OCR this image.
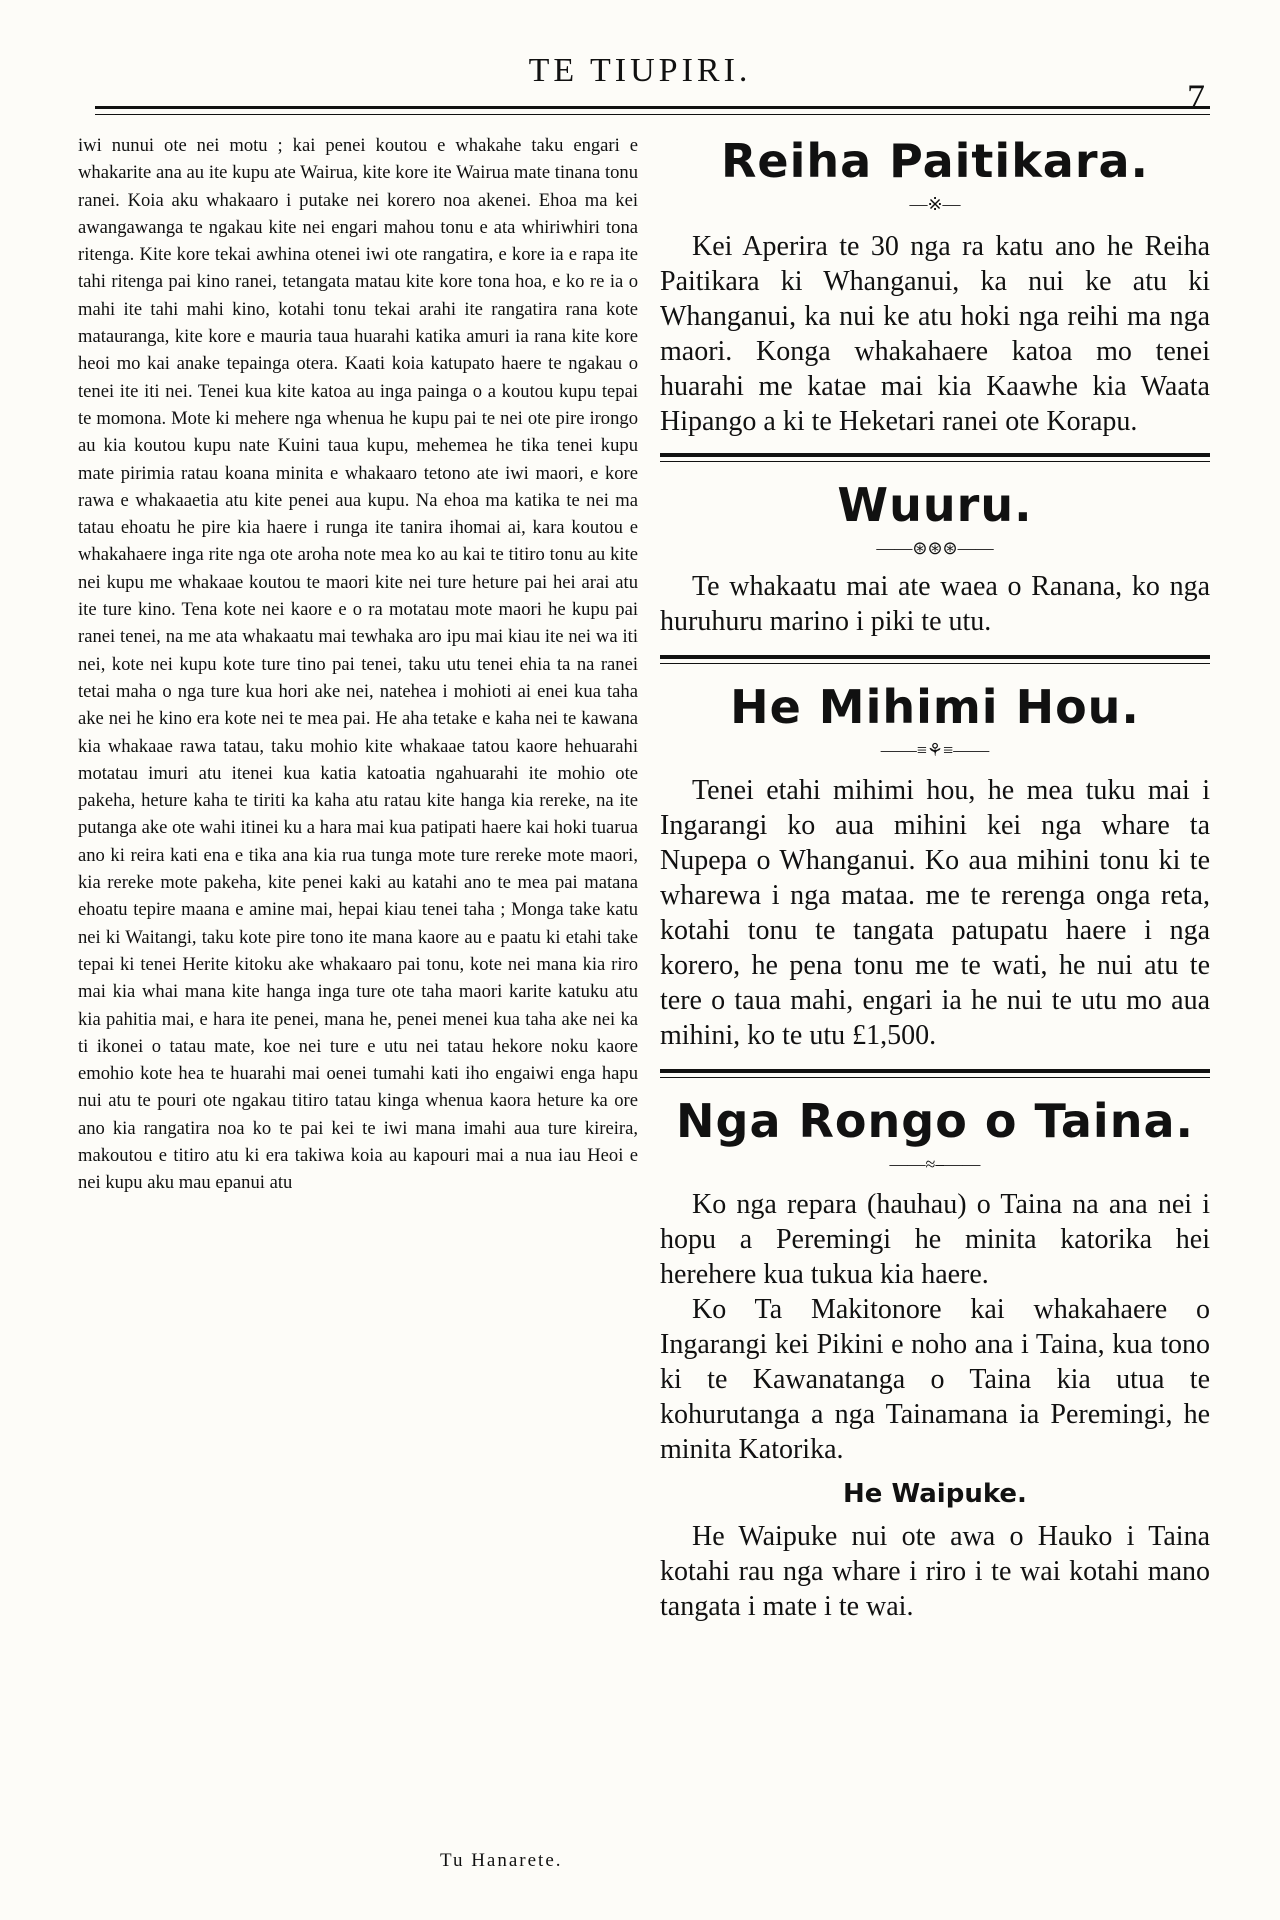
TE TIUPIRI.
7

iwi nunui ote nei motu ; kai penei koutou e whakahe taku engari e whakarite ana au ite kupu ate Wairua, kite kore ite Wairua mate tinana tonu ranei. Koia aku whakaaro i putake nei korero noa akenei. Ehoa ma kei awangawanga te ngakau kite nei engari mahou tonu e ata whiriwhiri tona ritenga. Kite kore tekai awhina otenei iwi ote rangatira, e kore ia e rapa ite tahi ritenga pai kino ranei, tetangata matau kite kore tona hoa, e ko re ia o mahi ite tahi mahi kino, kotahi tonu tekai arahi ite rangatira rana kote matauranga, kite kore e mauria taua huarahi katika amuri ia rana kite kore heoi mo kai anake tepainga otera. Kaati koia katupato haere te ngakau o tenei ite iti nei. Tenei kua kite katoa au inga painga o a koutou kupu tepai te momona. Mote ki mehere nga whenua he kupu pai te nei ote pire irongo au kia koutou kupu nate Kuini taua kupu, mehemea he tika tenei kupu mate pirimia ratau koana minita e whakaaro tetono ate iwi maori, e kore rawa e whakaaetia atu kite penei aua kupu. Na ehoa ma katika te nei ma tatau ehoatu he pire kia haere i runga ite tanira ihomai ai, kara koutou e whakahaere inga rite nga ote aroha note mea ko au kai te titiro tonu au kite nei kupu me whakaae koutou te maori kite nei ture heture pai hei arai atu ite ture kino. Tena kote nei kaore e o ra motatau mote maori he kupu pai ranei tenei, na me ata whakaatu mai tewhaka aro ipu mai kiau ite nei wa iti nei, kote nei kupu kote ture tino pai tenei, taku utu tenei ehia ta na ranei tetai maha o nga ture kua hori ake nei, natehea i mohioti ai enei kua taha ake nei he kino era kote nei te mea pai. He aha tetake e kaha nei te kawana kia whakaae rawa tatau, taku mohio kite whakaae tatou kaore hehuarahi motatau imuri atu itenei kua katia katoatia ngahuarahi ite mohio ote pakeha, heture kaha te tiriti ka kaha atu ratau kite hanga kia rereke, na ite putanga ake ote wahi itinei ku a hara mai kua patipati haere kai hoki tuarua ano ki reira kati ena e tika ana kia rua tunga mote ture rereke mote maori, kia rereke mote pakeha, kite penei kaki au katahi ano te mea pai matana ehoatu tepire maana e amine mai, hepai kiau tenei taha ; Monga take katu nei ki Waitangi, taku kote pire tono ite mana kaore au e paatu ki etahi take tepai ki tenei Herite kitoku ake whakaaro pai tonu, kote nei mana kia riro mai kia whai mana kite hanga inga ture ote taha maori karite katuku atu kia pahitia mai, e hara ite penei, mana he, penei menei kua taha ake nei ka ti ikonei o tatau mate, koe nei ture e utu nei tatau hekore noku kaore emohio kote hea te huarahi mai oenei tumahi kati iho engaiwi enga hapu nui atu te pouri ote ngakau titiro tatau kinga whenua kaora heture ka ore ano kia rangatira noa ko te pai kei te iwi mana imahi aua ture kireira, makoutou e titiro atu ki era takiwa koia au kapouri mai a nua iau Heoi e nei kupu aku mau epanui atu

Tu Hanarete.
Reiha Paitikara.
—※—

Kei Aperira te 30 nga ra katu ano he Reiha Paitikara ki Whanganui, ka nui ke atu ki Whanganui, ka nui ke atu hoki nga reihi ma nga maori. Konga whakahaere katoa mo tenei huarahi me katae mai kia Kaawhe kia Waata Hipango a ki te Heketari ranei ote Korapu.

Wuuru.
——⊛⊛⊛——

Te whakaatu mai ate waea o Ranana, ko nga huruhuru marino i piki te utu.

He Mihimi Hou.
——≡⚘≡——

Tenei etahi mihimi hou, he mea tuku mai i Ingarangi ko aua mihini kei nga whare ta Nupepa o Whanganui. Ko aua mihini tonu ki te wharewa i nga mataa. me te rerenga onga reta, kotahi tonu te tangata patupatu haere i nga korero, he pena tonu me te wati, he nui atu te tere o taua mahi, engari ia he nui te utu mo aua mihini, ko te utu £1,500.

Nga Rongo o Taina.
——≈⎯——

Ko nga repara (hauhau) o Taina na ana nei i hopu a Peremingi he minita katorika hei herehere kua tukua kia haere.

Ko Ta Makitonore kai whakahaere o Ingarangi kei Pikini e noho ana i Taina, kua tono ki te Kawanatanga o Taina kia utua te kohurutanga a nga Tainamana ia Peremingi, he minita Katorika.

He Waipuke.

He Waipuke nui ote awa o Hauko i Taina kotahi rau nga whare i riro i te wai kotahi mano tangata i mate i te wai.
